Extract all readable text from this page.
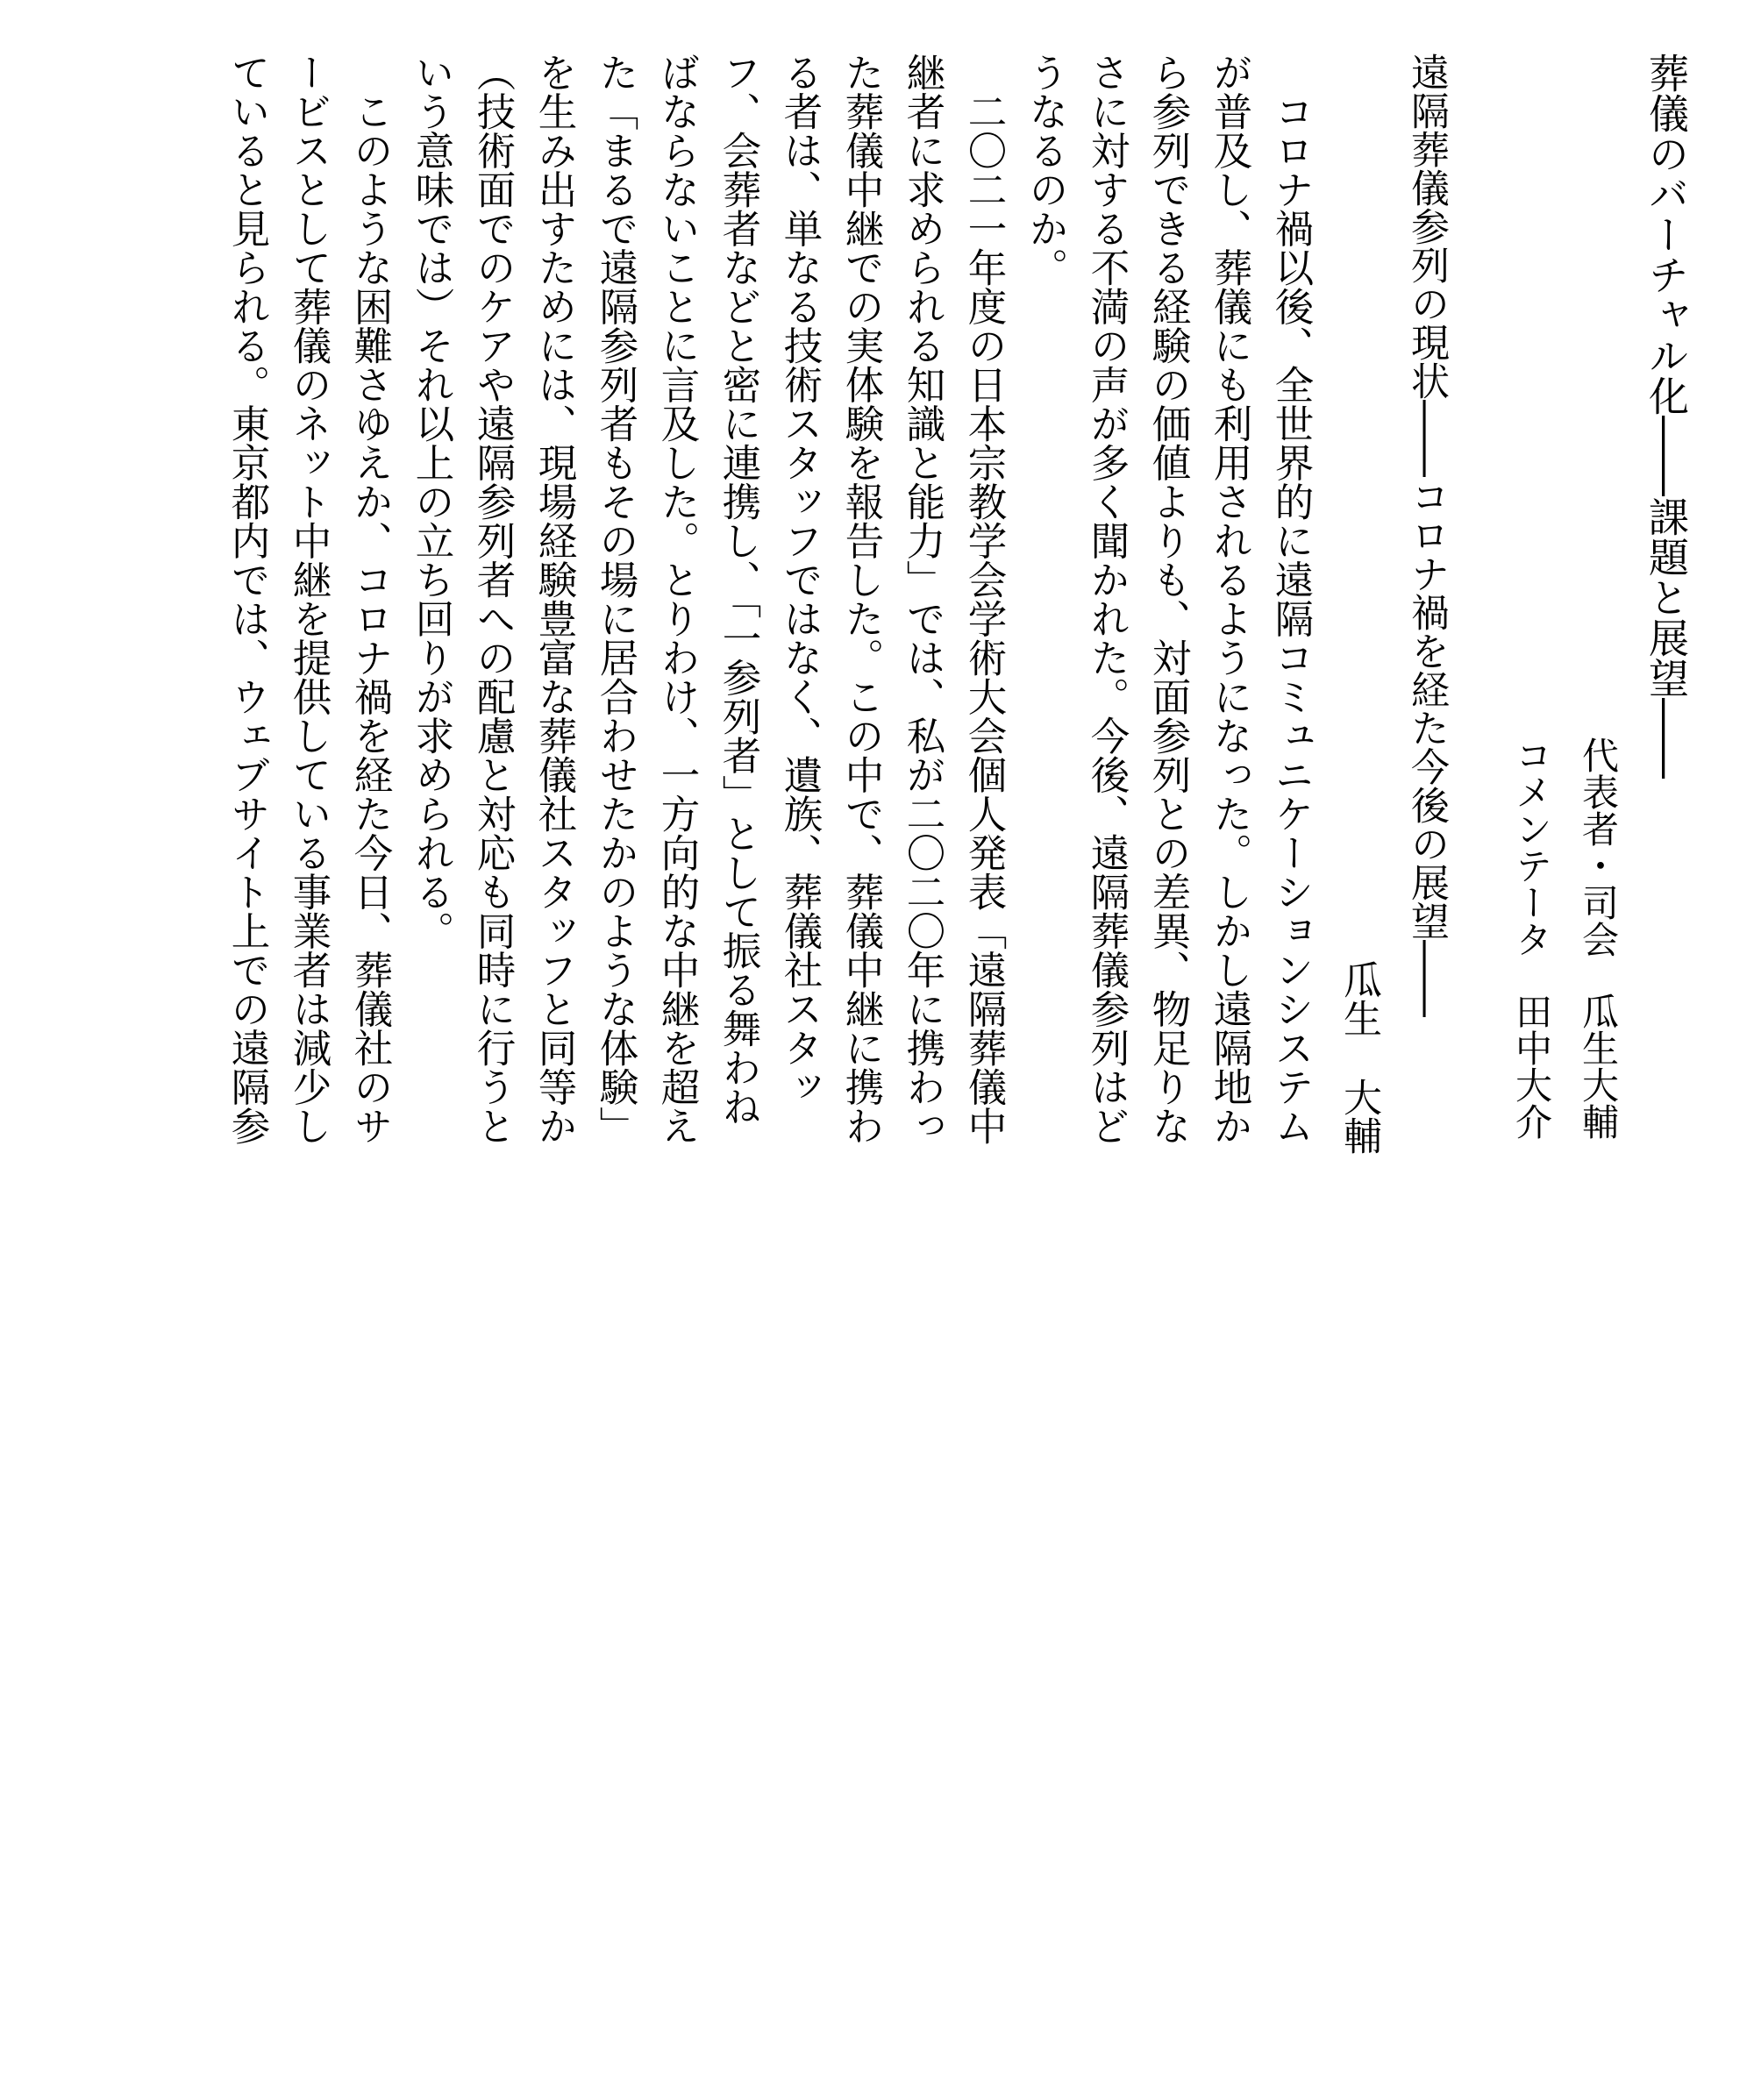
葬儀のバーチャル化――課題と展望――
代表者・司会瓜生大輔
コメンテータ田中大介
遠隔葬儀参列の現状――コロナ禍を経た今後の展望――
瓜生大輔
　コロナ禍以後、全世界的に遠隔コミュニケーションシステム
が普及し、葬儀にも利用されるようになった。しかし遠隔地か
ら参列できる経験の価値よりも、対面参列との差異、物足りな
さに対する不満の声が多く聞かれた。今後、遠隔葬儀参列はど
うなるのか。
　二〇二一年度の日本宗教学会学術大会個人発表「遠隔葬儀中
継者に求められる知識と能力」では、私が二〇二〇年に携わっ
た葬儀中継での実体験を報告した。この中で、葬儀中継に携わ
る者は、単なる技術スタッフではなく、遺族、葬儀社スタッ
フ、会葬者などと密に連携し、「一参列者」として振る舞わね
ばならないことに言及した。とりわけ、一方向的な中継を超え
た「まるで遠隔参列者もその場に居合わせたかのような体験」
を生み出すためには、現場経験豊富な葬儀社スタッフと同等か
（技術面でのケアや遠隔参列者への配慮と対応も同時に行うと
いう意味では）それ以上の立ち回りが求められる。
　このような困難さゆえか、コロナ禍を経た今日、葬儀社のサ
ービスとして葬儀のネット中継を提供している事業者は減少し
ていると見られる。東京都内では、ウェブサイト上での遠隔参
